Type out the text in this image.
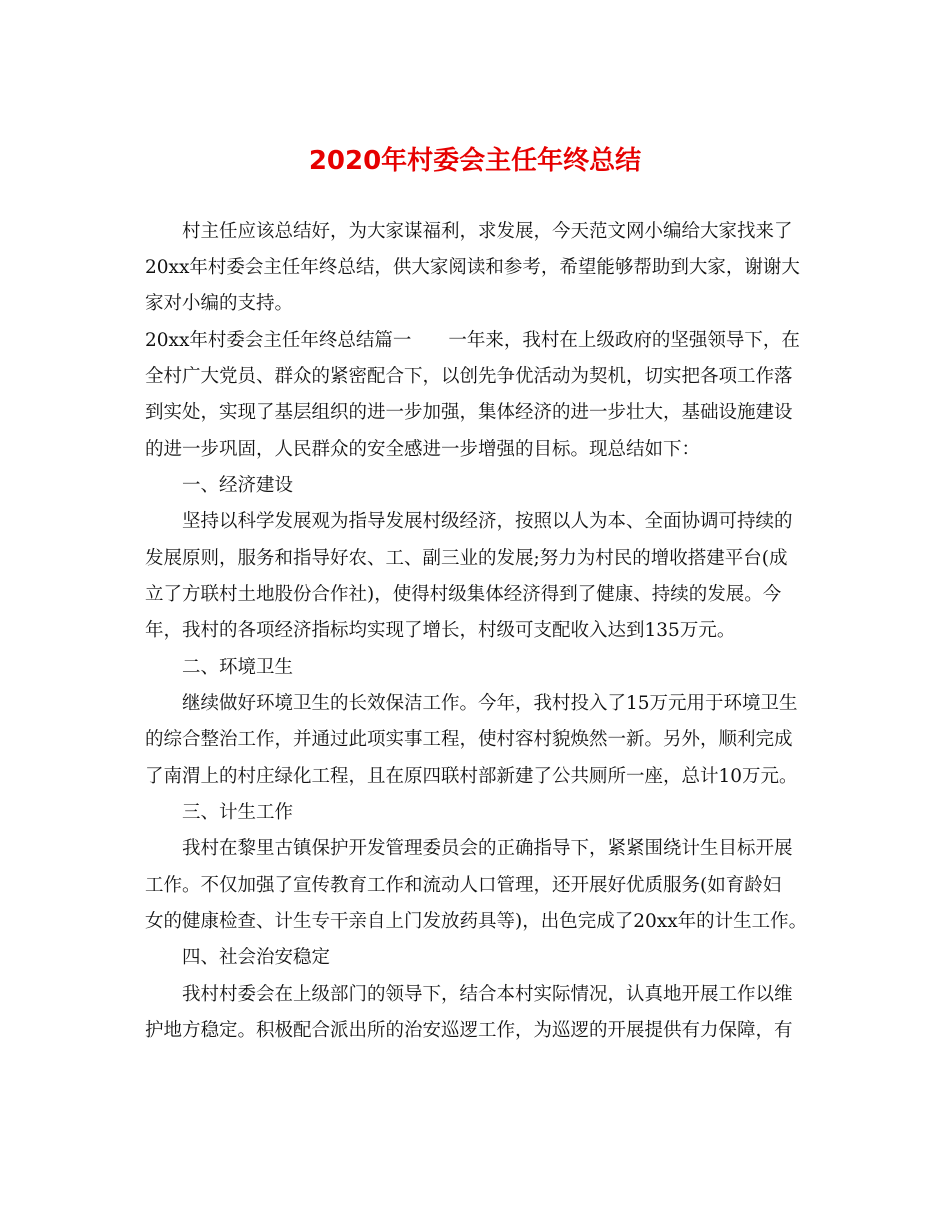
2020年村委会主任年终总结

　　村主任应该总结好，为大家谋福利，求发展，今天范文网小编给大家找来了

20xx年村委会主任年终总结，供大家阅读和参考，希望能够帮助到大家，谢谢大

家对小编的支持。

20xx年村委会主任年终总结篇一　　一年来，我村在上级政府的坚强领导下，在

全村广大党员、群众的紧密配合下，以创先争优活动为契机，切实把各项工作落

到实处，实现了基层组织的进一步加强，集体经济的进一步壮大，基础设施建设

的进一步巩固，人民群众的安全感进一步增强的目标。现总结如下：

　　一、经济建设

　　坚持以科学发展观为指导发展村级经济，按照以人为本、全面协调可持续的

发展原则，服务和指导好农、工、副三业的发展;努力为村民的增收搭建平台(成

立了方联村土地股份合作社)，使得村级集体经济得到了健康、持续的发展。今

年，我村的各项经济指标均实现了增长，村级可支配收入达到135万元。

　　二、环境卫生

　　继续做好环境卫生的长效保洁工作。今年，我村投入了15万元用于环境卫生

的综合整治工作，并通过此项实事工程，使村容村貌焕然一新。另外，顺利完成

了南渭上的村庄绿化工程，且在原四联村部新建了公共厕所一座，总计10万元。

　　三、计生工作

　　我村在黎里古镇保护开发管理委员会的正确指导下，紧紧围绕计生目标开展

工作。不仅加强了宣传教育工作和流动人口管理，还开展好优质服务(如育龄妇

女的健康检查、计生专干亲自上门发放药具等)，出色完成了20xx年的计生工作。

　　四、社会治安稳定

　　我村村委会在上级部门的领导下，结合本村实际情况，认真地开展工作以维

护地方稳定。积极配合派出所的治安巡逻工作，为巡逻的开展提供有力保障，有
